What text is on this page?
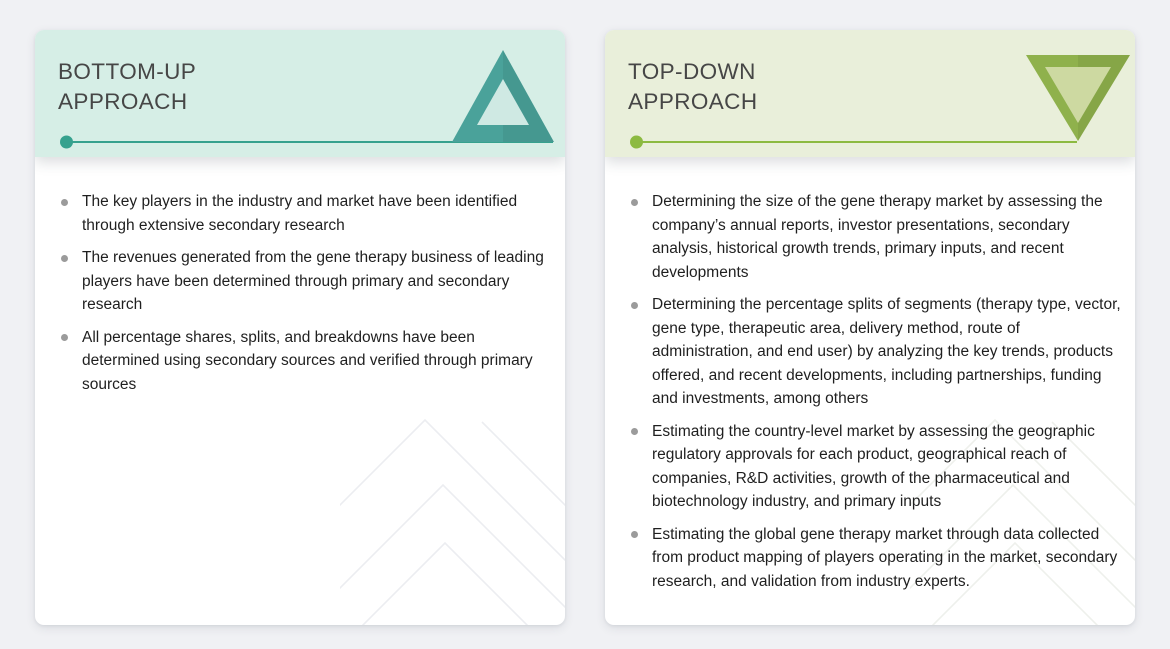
BOTTOM-UP
APPROACH
The key players in the industry and market have been identified through extensive secondary research
The revenues generated from the gene therapy business of leading players have been determined through primary and secondary research
All percentage shares, splits, and breakdowns have been determined using secondary sources and verified through primary sources
TOP-DOWN
APPROACH
Determining the size of the gene therapy market by assessing the company’s annual reports, investor presentations, secondary analysis, historical growth trends, primary inputs, and recent developments
Determining the percentage splits of segments (therapy type, vector, gene type, therapeutic area, delivery method, route of administration, and end user) by analyzing the key trends, products offered, and recent developments, including partnerships, funding and investments, among others
Estimating the country-level market by assessing the geographic regulatory approvals for each product, geographical reach of companies, R&D activities, growth of the pharmaceutical and biotechnology industry, and primary inputs
Estimating the global gene therapy market through data collected from product mapping of players operating in the market, secondary research, and validation from industry experts.
